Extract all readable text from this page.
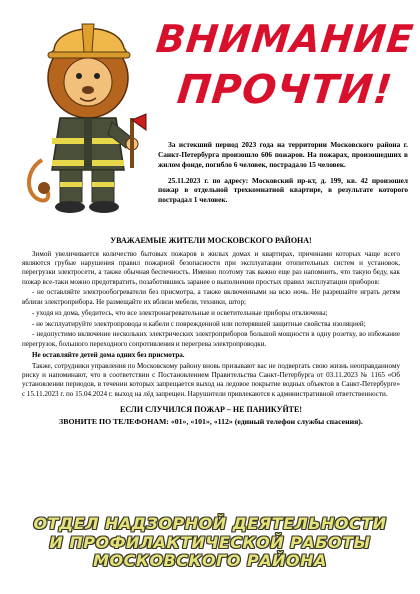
ВНИМАНИЕ
ПРОЧТИ!

За истекший период 2023 года на территории Московского района г. Санкт-Петербурга произошло 606 пожаров. На пожарах, произошедших в жилом фонде, погибло 6 человек, пострадало 15 человек.

25.11.2023 г. по адресу: Московский пр-кт, д. 199, кв. 42 произошел пожар в отдельной трехкомнатной квартире, в результате которого пострадал 1 человек.

УВАЖАЕМЫЕ ЖИТЕЛИ МОСКОВСКОГО РАЙОНА!

Зимой увеличивается количество бытовых пожаров в жилых домах и квартирах, причинами которых чаще всего являются грубые нарушения правил пожарной безопасности при эксплуатации отопительных систем и установок, перегрузки электросети, а также обычная беспечность. Именно поэтому так важно еще раз напомнить, что такую беду, как пожар все-таки можно предотвратить, позаботившись заранее о выполнении простых правил эксплуатации приборов:

- не оставляйте электрообогреватели без присмотра, а также включенными на всю ночь. Не разрешайте играть детям вблизи электроприбора. Не размещайте их вблизи мебели, техники, штор;

- уходя из дома, убедитесь, что все электронагревательные и осветительные приборы отключены;

- не эксплуатируйте электропровода и кабели с поврежденной или потерявшей защитные свойства изоляцией;

- недопустимо включение нескольких электрических электроприборов большой мощности в одну розетку, во избежание перегрузок, большого переходного сопротивления и перегрева электропроводки.

Не оставляйте детей дома одних без присмотра.

Также, сотрудники управления по Московскому району вновь призывают вас не подвергать свою жизнь неоправданному риску и напоминают, что в соответствии с Постановлением Правительства Санкт-Петербурга от 03.11.2023 № 1165 «Об установлении периодов, в течении которых запрещается выход на ледовое покрытие водных объектов в Санкт-Петербурге» с 15.11.2023 г. по 15.04.2024 г. выход на лёд запрещен. Нарушители привлекаются к административной ответственности.

ЕСЛИ СЛУЧИЛСЯ ПОЖАР – НЕ ПАНИКУЙТЕ!

ЗВОНИТЕ ПО ТЕЛЕФОНАМ: «01», «101», «112» (единый телефон службы спасения).

ОТДЕЛ НАДЗОРНОЙ ДЕЯТЕЛЬНОСТИ
И ПРОФИЛАКТИЧЕСКОЙ РАБОТЫ
МОСКОВСКОГО РАЙОНА
